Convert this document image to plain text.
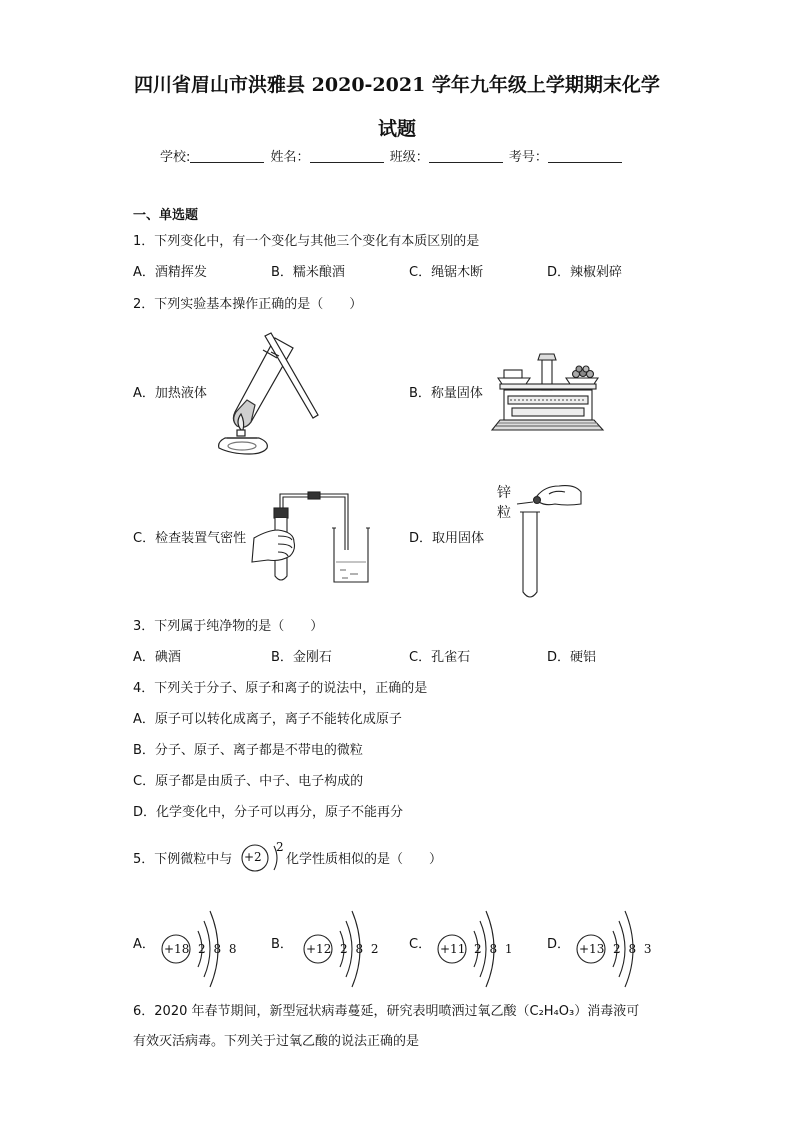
四川省眉山市洪雅县 2020-2021 学年九年级上学期期末化学
试题
学校:	姓名：	班级：	考号：
一、单选题
1．下列变化中，有一个变化与其他三个变化有本质区别的是
A．酒精挥发	B．糯米酿酒	C．绳锯木断	D．辣椒剁碎
2．下列实验基本操作正确的是（　　）
A．加热液体	B．称量固体
C．检查装置气密性	D．取用固体
锌
粒
3．下列属于纯净物的是（　　）
A．碘酒	B．金刚石	C．孔雀石	D．硬铝
4．下列关于分子、原子和离子的说法中，正确的是
A．原子可以转化成离子，离子不能转化成原子
B．分子、原子、离子都是不带电的微粒
C．原子都是由质子、中子、电子构成的
D．化学变化中，分子可以再分，原子不能再分
5．下例微粒中与 +2
2
化学性质相似的是（　　）
A． +18 2 8 8 B． +12 2 8 2 C． +11 2 8 1 D． +13 2 8 3
6．2020 年春节期间，新型冠状病毒蔓延，研究表明喷洒过氧乙酸（C₂H₄O₃）消毒液可
有效灭活病毒。下列关于过氧乙酸的说法正确的是
